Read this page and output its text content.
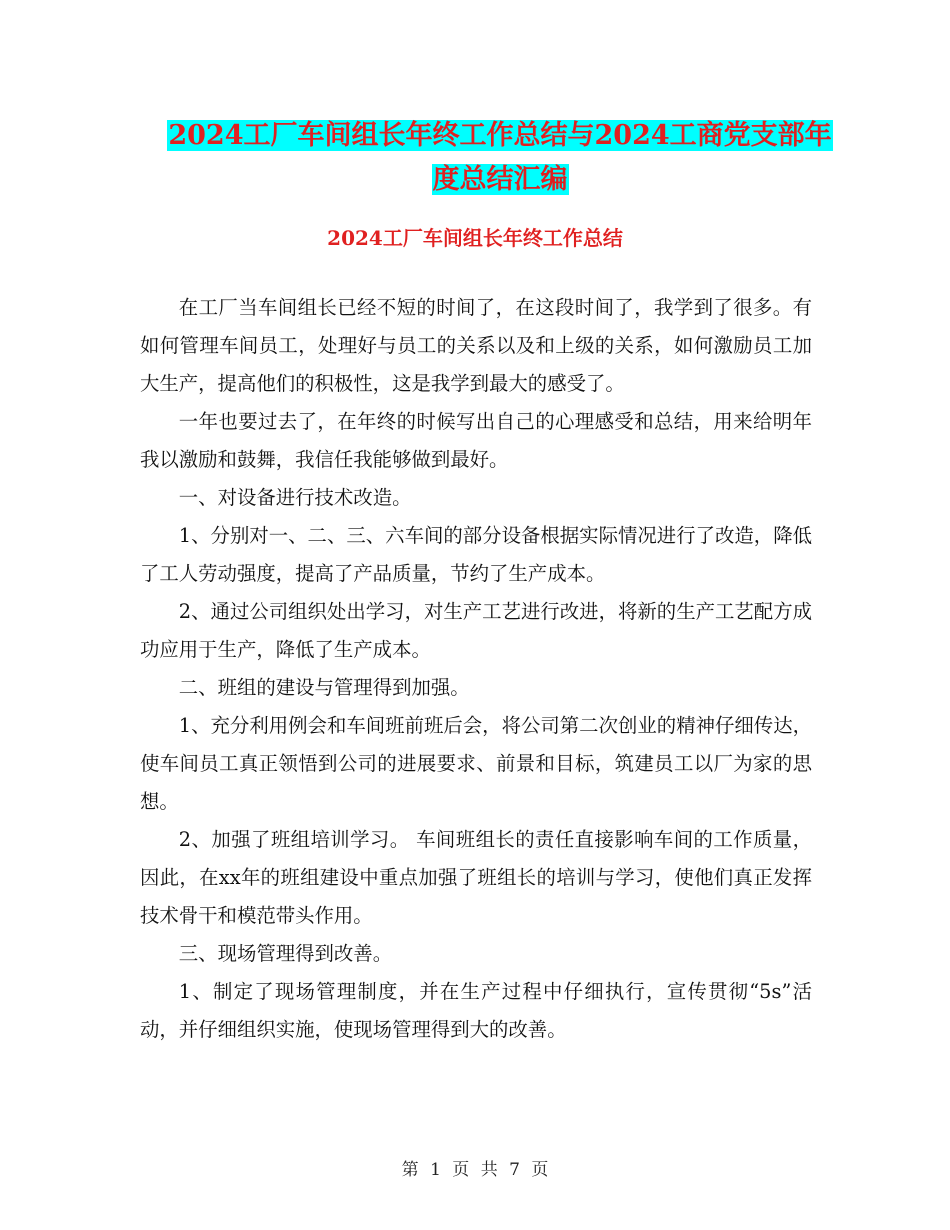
2024工厂车间组长年终工作总结与2024工商党支部年
度总结汇编
2024工厂车间组长年终工作总结

在工厂当车间组长已经不短的时间了，在这段时间了，我学到了很多。有如何管理车间员工，处理好与员工的关系以及和上级的关系，如何激励员工加大生产，提高他们的积极性，这是我学到最大的感受了。

一年也要过去了，在年终的时候写出自己的心理感受和总结，用来给明年我以激励和鼓舞，我信任我能够做到最好。

一、对设备进行技术改造。

1、分别对一、二、三、六车间的部分设备根据实际情况进行了改造，降低了工人劳动强度，提高了产品质量，节约了生产成本。

2、通过公司组织处出学习，对生产工艺进行改进，将新的生产工艺配方成功应用于生产，降低了生产成本。

二、班组的建设与管理得到加强。

1、充分利用例会和车间班前班后会，将公司第二次创业的精神仔细传达，使车间员工真正领悟到公司的进展要求、前景和目标，筑建员工以厂为家的思想。

2、加强了班组培训学习。 车间班组长的责任直接影响车间的工作质量，因此，在xx年的班组建设中重点加强了班组长的培训与学习，使他们真正发挥技术骨干和模范带头作用。

三、现场管理得到改善。

1、制定了现场管理制度，并在生产过程中仔细执行，宣传贯彻“5s”活动，并仔细组织实施，使现场管理得到大的改善。

第 1 页 共 7 页
